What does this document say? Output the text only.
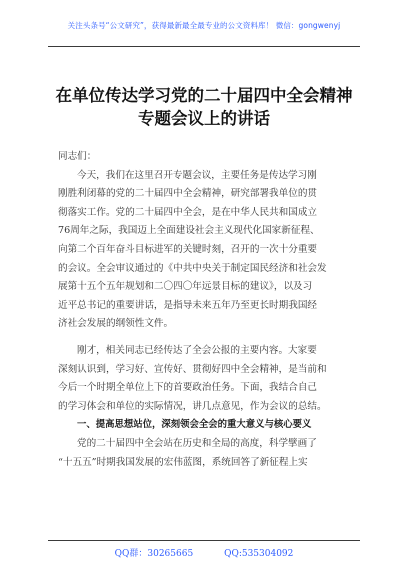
关注头条号“公文研究”，获得最新最全最专业的公文资料库！ 微信：gongwenyj
在单位传达学习党的二十届四中全会精神
专题会议上的讲话
同志们：
今天，我们在这里召开专题会议，主要任务是传达学习刚
刚胜利闭幕的党的二十届四中全会精神，研究部署我单位的贯
彻落实工作。党的二十届四中全会，是在中华人民共和国成立
76周年之际，我国迈上全面建设社会主义现代化国家新征程、
向第二个百年奋斗目标进军的关键时刻，召开的一次十分重要
的会议。全会审议通过的《中共中央关于制定国民经济和社会发
展第十五个五年规划和二〇四〇年远景目标的建议》，以及习
近平总书记的重要讲话，是指导未来五年乃至更长时期我国经
济社会发展的纲领性文件。
刚才，相关同志已经传达了全会公报的主要内容。大家要
深刻认识到，学习好、宣传好、贯彻好四中全会精神，是当前和
今后一个时期全单位上下的首要政治任务。下面，我结合自己
的学习体会和单位的实际情况，讲几点意见，作为会议的总结。
一、提高思想站位，深刻领会全会的重大意义与核心要义
党的二十届四中全会站在历史和全局的高度，科学擘画了
“十五五”时期我国发展的宏伟蓝图，系统回答了新征程上实
QQ群：30265665	QQ:535304092
